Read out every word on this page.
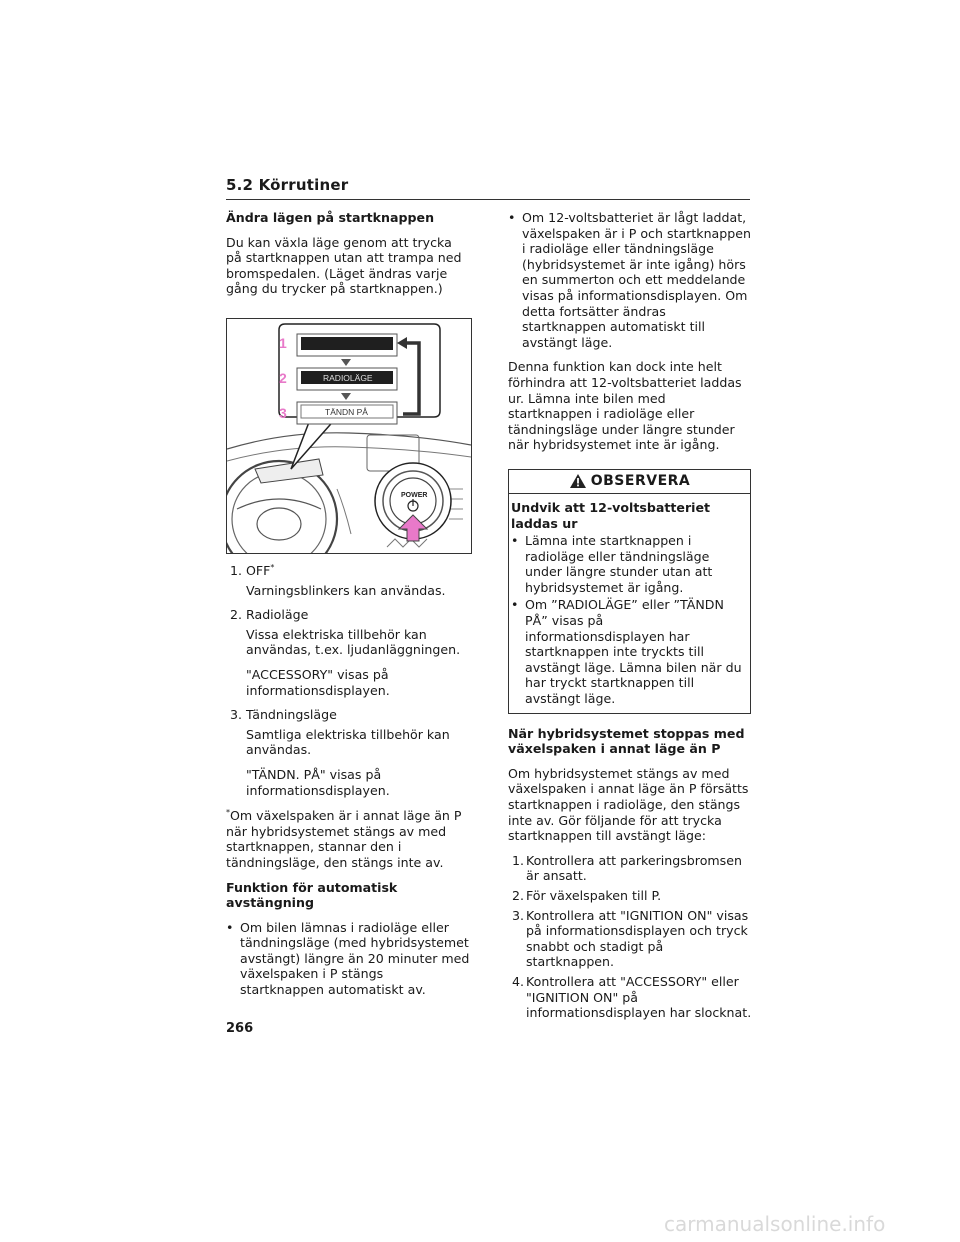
5.2 Körrutiner

Ändra lägen på startknappen

Du kan växla läge genom att trycka på startknappen utan att trampa ned bromspedalen. (Läget ändras varje gång du trycker på startknappen.)

1
2
3
RADIOLÄGE
TÄNDN PÅ
POWER
1. OFF*

Varningsblinkers kan användas.

2. Radioläge

Vissa elektriska tillbehör kan användas, t.ex. ljudanläggningen.

"ACCESSORY" visas på informationsdisplayen.

3. Tändningsläge

Samtliga elektriska tillbehör kan användas.

"TÄNDN. PÅ" visas på informationsdisplayen.

*Om växelspaken är i annat läge än P när hybridsystemet stängs av med startknappen, stannar den i tändningsläge, den stängs inte av.

Funktion för automatisk avstängning

• Om bilen lämnas i radioläge eller tändningsläge (med hybridsystemet avstängt) längre än 20 minuter med växelspaken i P stängs startknappen automatiskt av.

• Om 12-voltsbatteriet är lågt laddat, växelspaken är i P och startknappen i radioläge eller tändningsläge (hybridsystemet är inte igång) hörs en summerton och ett meddelande visas på informationsdisplayen. Om detta fortsätter ändras startknappen automatiskt till avstängt läge.

Denna funktion kan dock inte helt förhindra att 12-voltsbatteriet laddas ur. Lämna inte bilen med startknappen i radioläge eller tändningsläge under längre stunder när hybridsystemet inte är igång.

OBSERVERA

Undvik att 12-voltsbatteriet laddas ur

• Lämna inte startknappen i radioläge eller tändningsläge under längre stunder utan att hybridsystemet är igång.

• Om ”RADIOLÄGE” eller ”TÄNDN PÅ” visas på informationsdisplayen har startknappen inte tryckts till avstängt läge. Lämna bilen när du har tryckt startknappen till avstängt läge.

När hybridsystemet stoppas med växelspaken i annat läge än P

Om hybridsystemet stängs av med växelspaken i annat läge än P försätts startknappen i radioläge, den stängs inte av. Gör följande för att trycka startknappen till avstängt läge:

1. Kontrollera att parkeringsbromsen är ansatt.
2. För växelspaken till P.
3. Kontrollera att "IGNITION ON" visas på informationsdisplayen och tryck snabbt och stadigt på startknappen.
4. Kontrollera att "ACCESSORY" eller "IGNITION ON" på informationsdisplayen har slocknat.
266
carmanualsonline.info
